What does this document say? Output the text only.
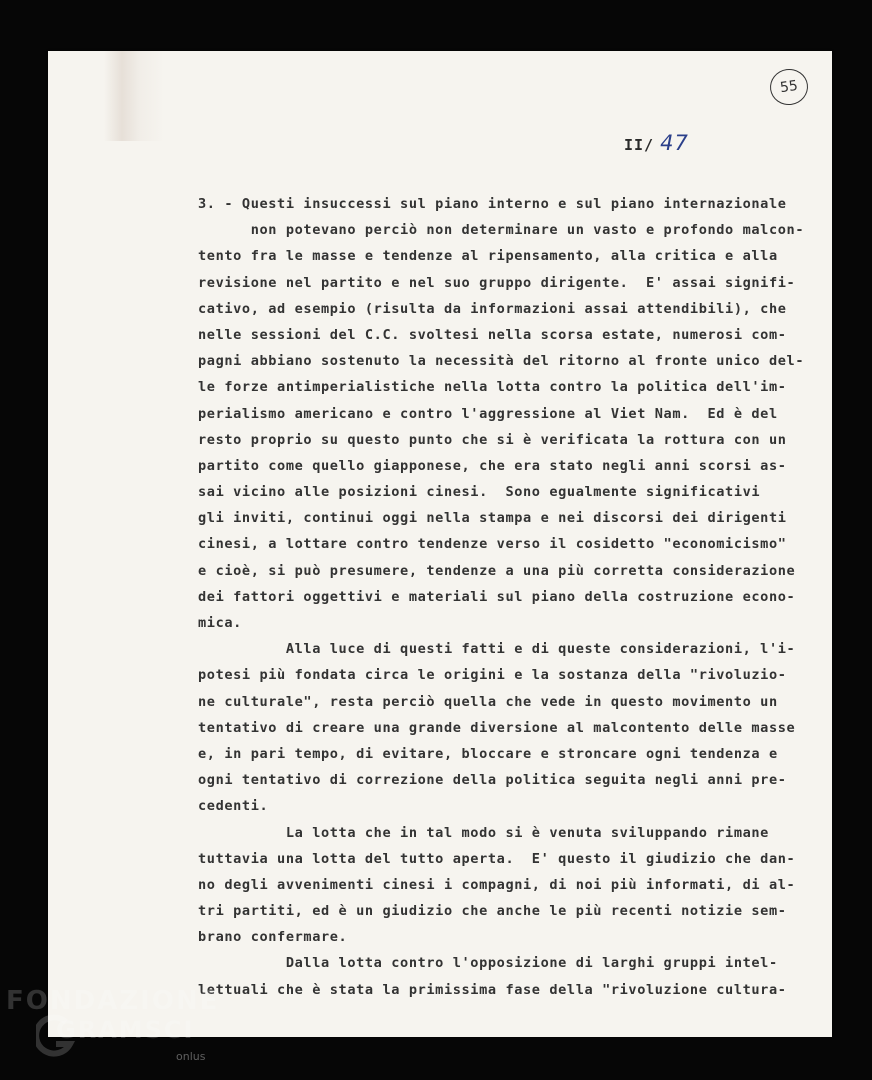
55
II/ 47
3. - Questi insuccessi sul piano interno e sul piano internazionale
non potevano perciò non determinare un vasto e profondo malcon-
tento fra le masse e tendenze al ripensamento, alla critica e alla
revisione nel partito e nel suo gruppo dirigente.  E' assai signifi-
cativo, ad esempio (risulta da informazioni assai attendibili), che
nelle sessioni del C.C. svoltesi nella scorsa estate, numerosi com-
pagni abbiano sostenuto la necessità del ritorno al fronte unico del-
le forze antimperialistiche nella lotta contro la politica dell'im-
perialismo americano e contro l'aggressione al Viet Nam.  Ed è del
resto proprio su questo punto che si è verificata la rottura con un
partito come quello giapponese, che era stato negli anni scorsi as-
sai vicino alle posizioni cinesi.  Sono egualmente significativi
gli inviti, continui oggi nella stampa e nei discorsi dei dirigenti
cinesi, a lottare contro tendenze verso il cosidetto "economicismo"
e cioè, si può presumere, tendenze a una più corretta considerazione
dei fattori oggettivi e materiali sul piano della costruzione econo-
mica.
Alla luce di questi fatti e di queste considerazioni, l'i-
potesi più fondata circa le origini e la sostanza della "rivoluzio-
ne culturale", resta perciò quella che vede in questo movimento un
tentativo di creare una grande diversione al malcontento delle masse
e, in pari tempo, di evitare, bloccare e stroncare ogni tendenza e
ogni tentativo di correzione della politica seguita negli anni pre-
cedenti.
La lotta che in tal modo si è venuta sviluppando rimane
tuttavia una lotta del tutto aperta.  E' questo il giudizio che dan-
no degli avvenimenti cinesi i compagni, di noi più informati, di al-
tri partiti, ed è un giudizio che anche le più recenti notizie sem-
brano confermare.
Dalla lotta contro l'opposizione di larghi gruppi intel-
lettuali che è stata la primissima fase della "rivoluzione cultura-
FONDAZIONE
GRAMSCI
onlus
